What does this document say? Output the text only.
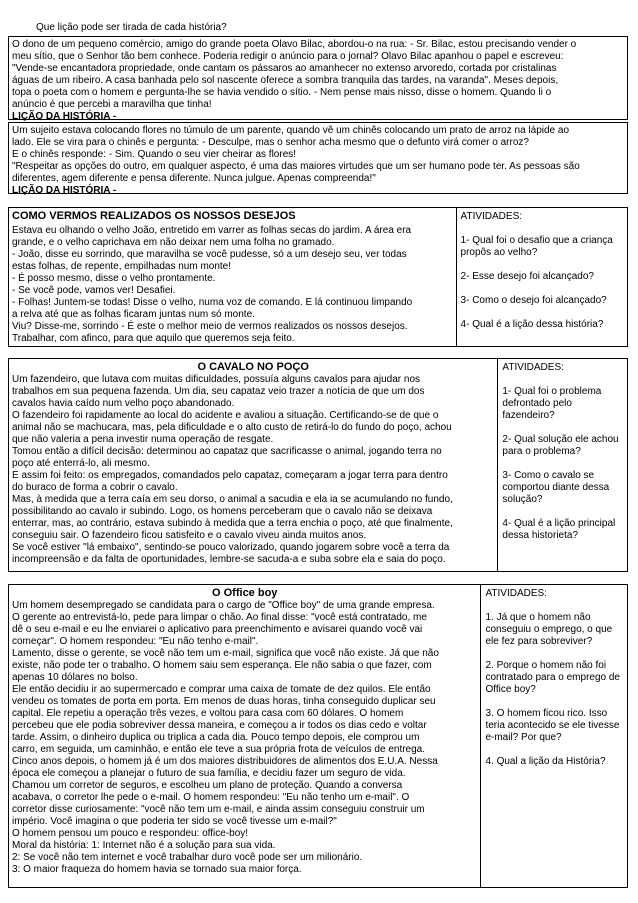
Que lição pode ser tirada de cada história?

O dono de um pequeno comércio, amigo do grande poeta Olavo Bilac, abordou-o na rua: - Sr. Bilac, estou precisando vender o

meu sítio, que o Senhor tão bem conhece. Poderia redigir o anúncio para o jornal? Olavo Bilac apanhou o papel e escreveu:

"Vende-se encantadora propriedade, onde cantam os pássaros ao amanhecer no extenso arvoredo, cortada por cristalinas

águas de um ribeiro. A casa banhada pelo sol nascente oferece a sombra tranquila das tardes, na varanda". Meses depois,

topa o poeta com o homem e pergunta-lhe se havia vendido o sítio. - Nem pense mais nisso, disse o homem. Quando li o

anúncio é que percebi a maravilha que tinha!

LIÇÃO DA HISTÓRIA -

Um sujeito estava colocando flores no túmulo de um parente, quando vê um chinês colocando um prato de arroz na lápide ao

lado. Ele se vira para o chinês e pergunta: - Desculpe, mas o senhor acha mesmo que o defunto virá comer o arroz?

E o chinês responde: - Sim. Quando o seu vier cheirar as flores!

"Respeitar as opções do outro, em qualquer aspecto, é uma das maiores virtudes que um ser humano pode ter. As pessoas são

diferentes, agem diferente e pensa diferente. Nunca julgue. Apenas compreenda!"

LIÇÃO DA HISTÓRIA -

COMO VERMOS REALIZADOS OS NOSSOS DESEJOS

Estava eu olhando o velho João, entretido em varrer as folhas secas do jardim. A área era

grande, e o velho caprichava em não deixar nem uma folha no gramado.

- João, disse eu sorrindo, que maravilha se você pudesse, só a um desejo seu, ver todas

estas folhas, de repente, empilhadas num monte!

- É posso mesmo, disse o velho prontamente.

- Se você pode, vamos ver! Desafiei.

- Folhas! Juntem-se todas! Disse o velho, numa voz de comando. E lá continuou limpando

a relva até que as folhas ficaram juntas num só monte.

Viu? Disse-me, sorrindo - É este o melhor meio de vermos realizados os nossos desejos.

Trabalhar, com afinco, para que aquilo que queremos seja feito.

ATIVIDADES:

1- Qual foi o desafio que a criança propôs ao velho?

2- Esse desejo foi alcançado?

3- Como o desejo foi alcançado?

4- Qual é a lição dessa história?

O CAVALO NO POÇO

Um fazendeiro, que lutava com muitas dificuldades, possuía alguns cavalos para ajudar nos

trabalhos em sua pequena fazenda. Um dia, seu capataz veio trazer a notícia de que um dos

cavalos havia caído num velho poço abandonado.

O fazendeiro foi rapidamente ao local do acidente e avaliou a situação. Certificando-se de que o

animal não se machucara, mas, pela dificuldade e o alto custo de retirá-lo do fundo do poço, achou

que não valeria a pena investir numa operação de resgate.

Tomou então a difícil decisão: determinou ao capataz que sacrificasse o animal, jogando terra no

poço até enterrá-lo, ali mesmo.

E assim foi feito: os empregados, comandados pelo capataz, começaram a jogar terra para dentro

do buraco de forma a cobrir o cavalo.

Mas, à medida que a terra caía em seu dorso, o animal a sacudia e ela ia se acumulando no fundo,

possibilitando ao cavalo ir subindo. Logo, os homens perceberam que o cavalo não se deixava

enterrar, mas, ao contrário, estava subindo à medida que a terra enchia o poço, até que finalmente,

conseguiu sair. O fazendeiro ficou satisfeito e o cavalo viveu ainda muitos anos.

Se você estiver "lá embaixo", sentindo-se pouco valorizado, quando jogarem sobre você a terra da

incompreensão e da falta de oportunidades, lembre-se sacuda-a e suba sobre ela e saia do poço.

ATIVIDADES:

1- Qual foi o problema defrontado pelo fazendeiro?

2- Qual solução ele achou para o problema?

3- Como o cavalo se comportou diante dessa solução?

4- Qual é a lição principal dessa historieta?

O Office boy

Um homem desempregado se candidata para o cargo de "Office boy" de uma grande empresa.

O gerente ao entrevistá-lo, pede para limpar o chão. Ao final disse: "você está contratado, me

dê o seu e-mail e eu lhe enviarei o aplicativo para preenchimento e avisarei quando você vai

começar". O homem respondeu: "Eu não tenho e-mail".

Lamento, disse o gerente, se você não tem um e-mail, significa que você não existe. Já que não

existe, não pode ter o trabalho. O homem saiu sem esperança. Ele não sabia o que fazer, com

apenas 10 dólares no bolso.

Ele então decidiu ir ao supermercado e comprar uma caixa de tomate de dez quilos. Ele então

vendeu os tomates de porta em porta. Em menos de duas horas, tinha conseguido duplicar seu

capital. Ele repetiu a operação três vezes, e voltou para casa com 60 dólares. O homem

percebeu que ele podia sobreviver dessa maneira, e começou a ir todos os dias cedo e voltar

tarde. Assim, o dinheiro duplica ou triplica a cada dia. Pouco tempo depois, ele comprou um

carro, em seguida, um caminhão, e então ele teve a sua própria frota de veículos de entrega.

Cinco anos depois, o homem já é um dos maiores distribuidores de alimentos dos E.U.A. Nessa

época ele começou a planejar o futuro de sua família, e decidiu fazer um seguro de vida.

Chamou um corretor de seguros, e escolheu um plano de proteção. Quando a conversa

acabava, o corretor lhe pede o e-mail. O homem respondeu: "Eu não tenho um e-mail". O

corretor disse curiosamente: "você não tem um e-mail, e ainda assim conseguiu construir um

império. Você imagina o que poderia ter sido se você tivesse um e-mail?"

O homem pensou um pouco e respondeu: office-boy!

Moral da história: 1: Internet não é a solução para sua vida.

2: Se você não tem internet e você trabalhar duro você pode ser um milionário.

3: O maior fraqueza do homem havia se tornado sua maior força.

ATIVIDADES:

1. Já que o homem não conseguiu o emprego, o que ele fez para sobreviver?

2. Porque o homem não foi contratado para o emprego de Office boy?

3. O homem ficou rico. Isso teria acontecido se ele tivesse e-mail? Por que?

4. Qual a lição da História?
